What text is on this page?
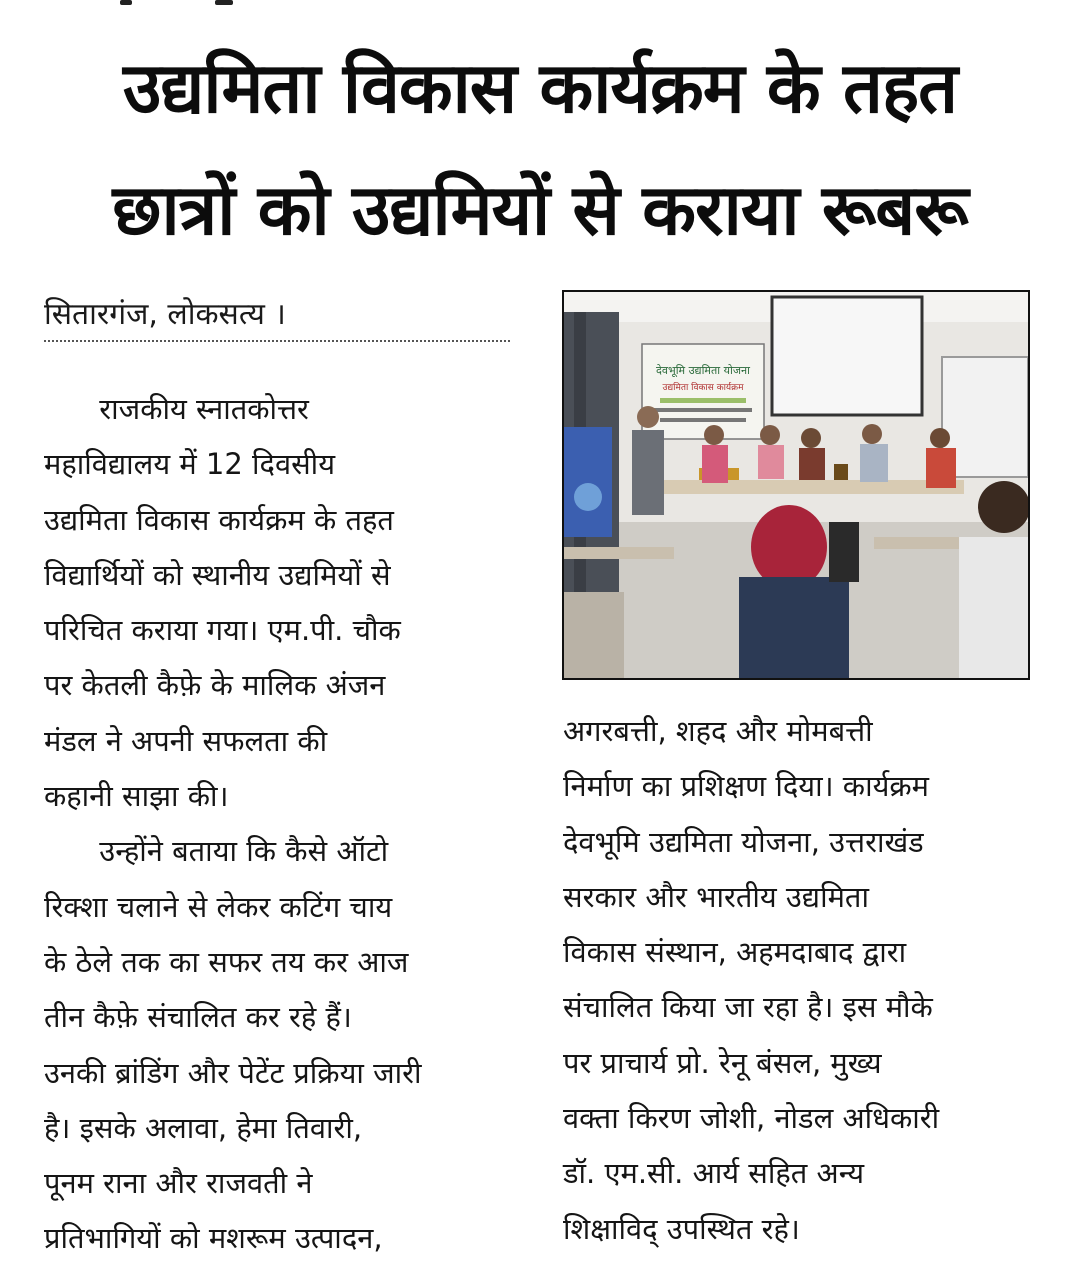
उद्यमिता विकास कार्यक्रम के तहत
छात्रों को उद्यमियों से कराया रूबरू
सितारगंज, लोकसत्य ।
राजकीय स्नातकोत्तर
महाविद्यालय में 12 दिवसीय
उद्यमिता विकास कार्यक्रम के तहत
विद्यार्थियों को स्थानीय उद्यमियों से
परिचित कराया गया। एम.पी. चौक
पर केतली कैफ़े के मालिक अंजन
मंडल ने अपनी सफलता की
कहानी साझा की।
उन्होंने बताया कि कैसे ऑटो
रिक्शा चलाने से लेकर कटिंग चाय
के ठेले तक का सफर तय कर आज
तीन कैफ़े संचालित कर रहे हैं।
उनकी ब्रांडिंग और पेटेंट प्रक्रिया जारी
है। इसके अलावा, हेमा तिवारी,
पूनम राना और राजवती ने
प्रतिभागियों को मशरूम उत्पादन,
देवभूमि उद्यमिता योजना
उद्यमिता विकास कार्यक्रम
अगरबत्ती, शहद और मोमबत्ती
निर्माण का प्रशिक्षण दिया। कार्यक्रम
देवभूमि उद्यमिता योजना, उत्तराखंड
सरकार और भारतीय उद्यमिता
विकास संस्थान, अहमदाबाद द्वारा
संचालित किया जा रहा है। इस मौके
पर प्राचार्य प्रो. रेनू बंसल, मुख्य
वक्ता किरण जोशी, नोडल अधिकारी
डॉ. एम.सी. आर्य सहित अन्य
शिक्षाविद् उपस्थित रहे।
